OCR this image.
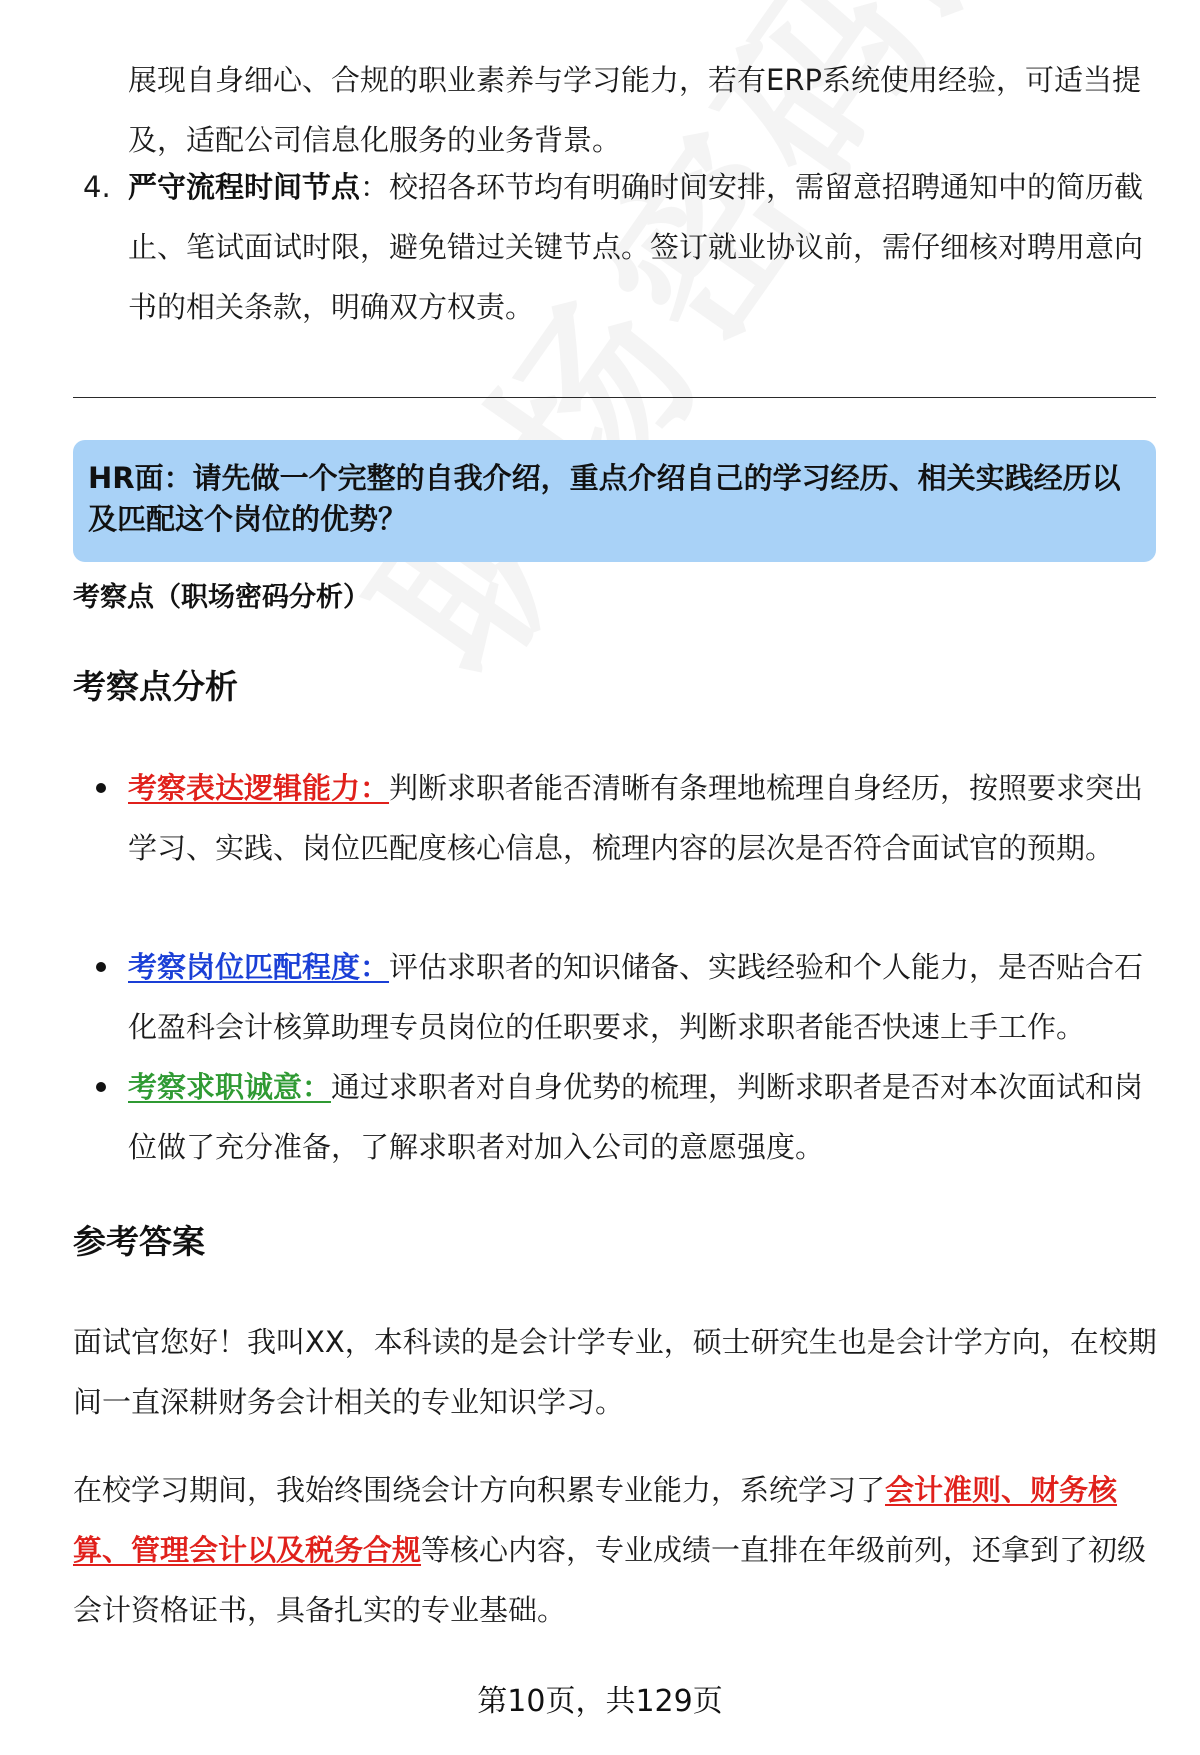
展现自身细心、合规的职业素养与学习能力，若有ERP系统使用经验，可适当提及，适配公司信息化服务的业务背景。

4. 严守流程时间节点：校招各环节均有明确时间安排，需留意招聘通知中的简历截止、笔试面试时限，避免错过关键节点。签订就业协议前，需仔细核对聘用意向书的相关条款，明确双方权责。

HR面：请先做一个完整的自我介绍，重点介绍自己的学习经历、相关实践经历以及匹配这个岗位的优势？

考察点（职场密码分析）

考察点分析

考察表达逻辑能力：判断求职者能否清晰有条理地梳理自身经历，按照要求突出学习、实践、岗位匹配度核心信息，梳理内容的层次是否符合面试官的预期。

考察岗位匹配程度：评估求职者的知识储备、实践经验和个人能力，是否贴合石化盈科会计核算助理专员岗位的任职要求，判断求职者能否快速上手工作。

考察求职诚意：通过求职者对自身优势的梳理，判断求职者是否对本次面试和岗位做了充分准备，了解求职者对加入公司的意愿强度。

参考答案

面试官您好！我叫XX，本科读的是会计学专业，硕士研究生也是会计学方向，在校期间一直深耕财务会计相关的专业知识学习。

在校学习期间，我始终围绕会计方向积累专业能力，系统学习了会计准则、财务核算、管理会计以及税务合规等核心内容，专业成绩一直排在年级前列，还拿到了初级会计资格证书，具备扎实的专业基础。

第10页，共129页
